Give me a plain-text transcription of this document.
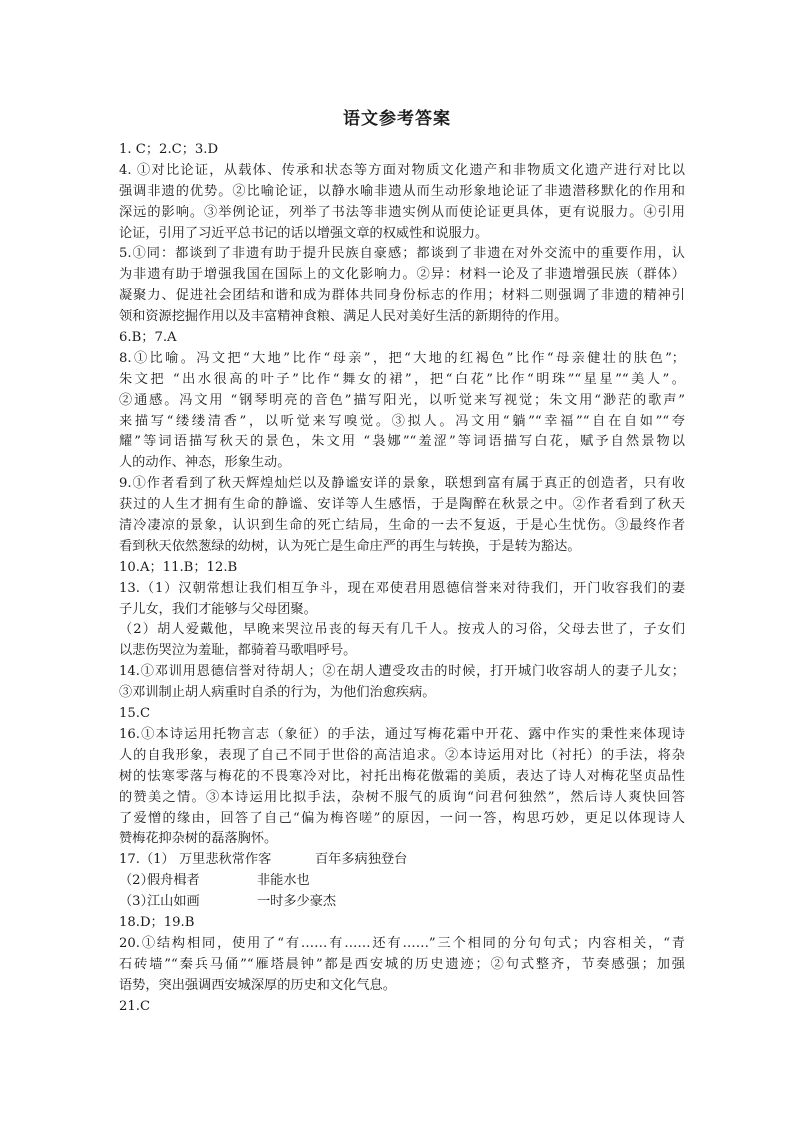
语文参考答案
1. C；2.C；3.D
4. ①对比论证，从载体、传承和状态等方面对物质文化遗产和非物质文化遗产进行对比以
强调非遗的优势。②比喻论证，以静水喻非遗从而生动形象地论证了非遗潜移默化的作用和
深远的影响。③举例论证，列举了书法等非遗实例从而使论证更具体，更有说服力。④引用
论证，引用了习近平总书记的话以增强文章的权威性和说服力。
5.①同：都谈到了非遗有助于提升民族自豪感；都谈到了非遗在对外交流中的重要作用，认
为非遗有助于增强我国在国际上的文化影响力。②异：材料一论及了非遗增强民族（群体）
凝聚力、促进社会团结和谐和成为群体共同身份标志的作用；材料二则强调了非遗的精神引
领和资源挖掘作用以及丰富精神食粮、满足人民对美好生活的新期待的作用。
6.B；7.A
8.①比喻。冯文把“大地”比作“母亲”，把“大地的红褐色”比作“母亲健壮的肤色”；
朱文把 “出水很高的叶子”比作“舞女的裙”，把“白花”比作“明珠”“星星”“美人”。
②通感。冯文用 “钢琴明亮的音色”描写阳光，以听觉来写视觉；朱文用“渺茫的歌声”
来描写“缕缕清香”，以听觉来写嗅觉。③拟人。冯文用“躺”“幸福”“自在自如”“夸
耀”等词语描写秋天的景色，朱文用 “袅娜”“羞涩”等词语描写白花，赋予自然景物以
人的动作、神态，形象生动。
9.①作者看到了秋天辉煌灿烂以及静谧安详的景象，联想到富有属于真正的创造者，只有收
获过的人生才拥有生命的静谧、安详等人生感悟，于是陶醉在秋景之中。②作者看到了秋天
清冷凄凉的景象，认识到生命的死亡结局，生命的一去不复返，于是心生忧伤。③最终作者
看到秋天依然葱绿的幼树，认为死亡是生命庄严的再生与转换，于是转为豁达。
10.A；11.B；12.B
13.（1）汉朝常想让我们相互争斗，现在邓使君用恩德信誉来对待我们，开门收容我们的妻
子儿女，我们才能够与父母团聚。
（2）胡人爱戴他，早晚来哭泣吊丧的每天有几千人。按戎人的习俗，父母去世了，子女们
以悲伤哭泣为羞耻，都骑着马歌唱呼号。
14.①邓训用恩德信誉对待胡人；②在胡人遭受攻击的时候，打开城门收容胡人的妻子儿女；
③邓训制止胡人病重时自杀的行为，为他们治愈疾病。
15.C
16.①本诗运用托物言志（象征）的手法，通过写梅花霜中开花、露中作实的秉性来体现诗
人的自我形象，表现了自己不同于世俗的高洁追求。②本诗运用对比（衬托）的手法，将杂
树的怯寒零落与梅花的不畏寒冷对比，衬托出梅花傲霜的美质，表达了诗人对梅花坚贞品性
的赞美之情。③本诗运用比拟手法，杂树不服气的质询“问君何独然”，然后诗人爽快回答
了爱憎的缘由，回答了自己“偏为梅咨嗟”的原因，一问一答，构思巧妙，更足以体现诗人
赞梅花抑杂树的磊落胸怀。
17.（1） 万里悲秋常作客	百年多病独登台
（2）假舟楫者	非能水也
（3）江山如画	一时多少豪杰
18.D；19.B
20.①结构相同，使用了“有……有……还有……”三个相同的分句句式；内容相关，“青
石砖墙”“秦兵马俑”“雁塔晨钟”都是西安城的历史遗迹；②句式整齐，节奏感强；加强
语势，突出强调西安城深厚的历史和文化气息。
21.C
